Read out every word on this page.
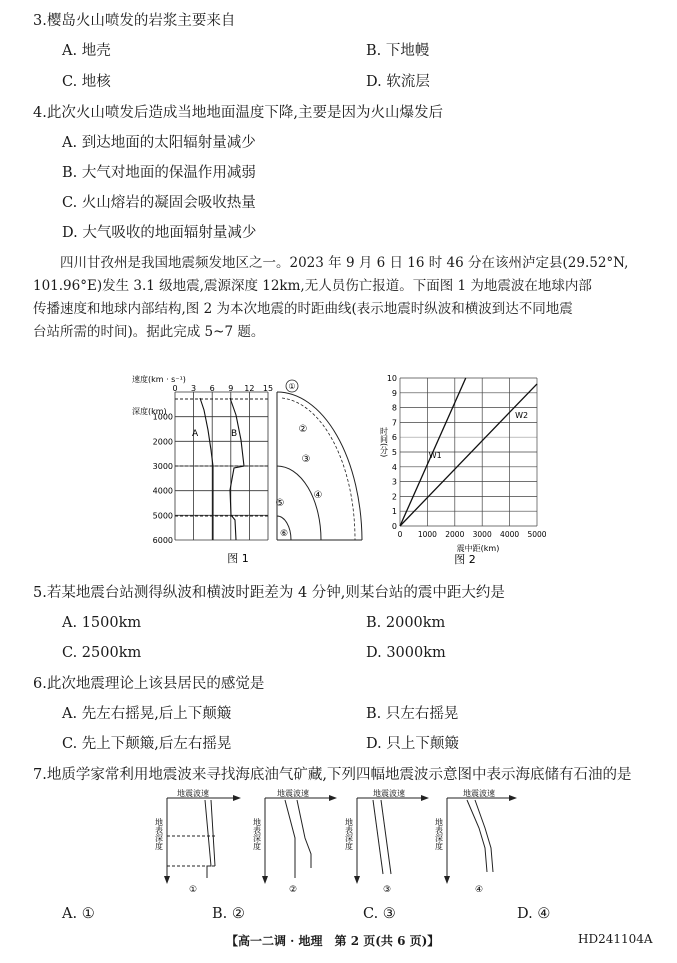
3.樱岛火山喷发的岩浆主要来自
A. 地壳	B. 下地幔
C. 地核	D. 软流层
4.此次火山喷发后造成当地地面温度下降,主要是因为火山爆发后
A. 到达地面的太阳辐射量减少
B. 大气对地面的保温作用减弱
C. 火山熔岩的凝固会吸收热量
D. 大气吸收的地面辐射量减少
四川甘孜州是我国地震频发地区之一。2023 年 9 月 6 日 16 时 46 分在该州泸定县(29.52°N,
101.96°E)发生 3.1 级地震,震源深度 12km,无人员伤亡报道。下面图 1 为地震波在地球内部
传播速度和地球内部结构,图 2 为本次地震的时距曲线(表示地震时纵波和横波到达不同地震
台站所需的时间)。据此完成 5~7 题。
速度(km · s⁻¹)
0 3 6 9 12 15
深度(km)
1000
2000
3000
4000
5000
6000
A	B
①
②
③
④
⑤
⑥
图 1
时间(分)
0
1
2
3
4
5
6
7
8
9
10
0 1000 2000 3000 4000 5000
W1
W2
震中距(km)
图 2
5.若某地震台站测得纵波和横波时距差为 4 分钟,则某台站的震中距大约是
A. 1500km	B. 2000km
C. 2500km	D. 3000km
6.此次地震理论上该县居民的感觉是
A. 先左右摇晃,后上下颠簸	B. 只左右摇晃
C. 先上下颠簸,后左右摇晃	D. 只上下颠簸
7.地质学家常利用地震波来寻找海底油气矿藏,下列四幅地震波示意图中表示海底储有石油的是
地震波速
地表深度
①
地震波速
地表深度
②
地震波速
地表深度
③
地震波速
地表深度
④
A. ①	B. ②	C. ③	D. ④
【高一二调 · 地理　第 2 页(共 6 页)】	HD241104A
